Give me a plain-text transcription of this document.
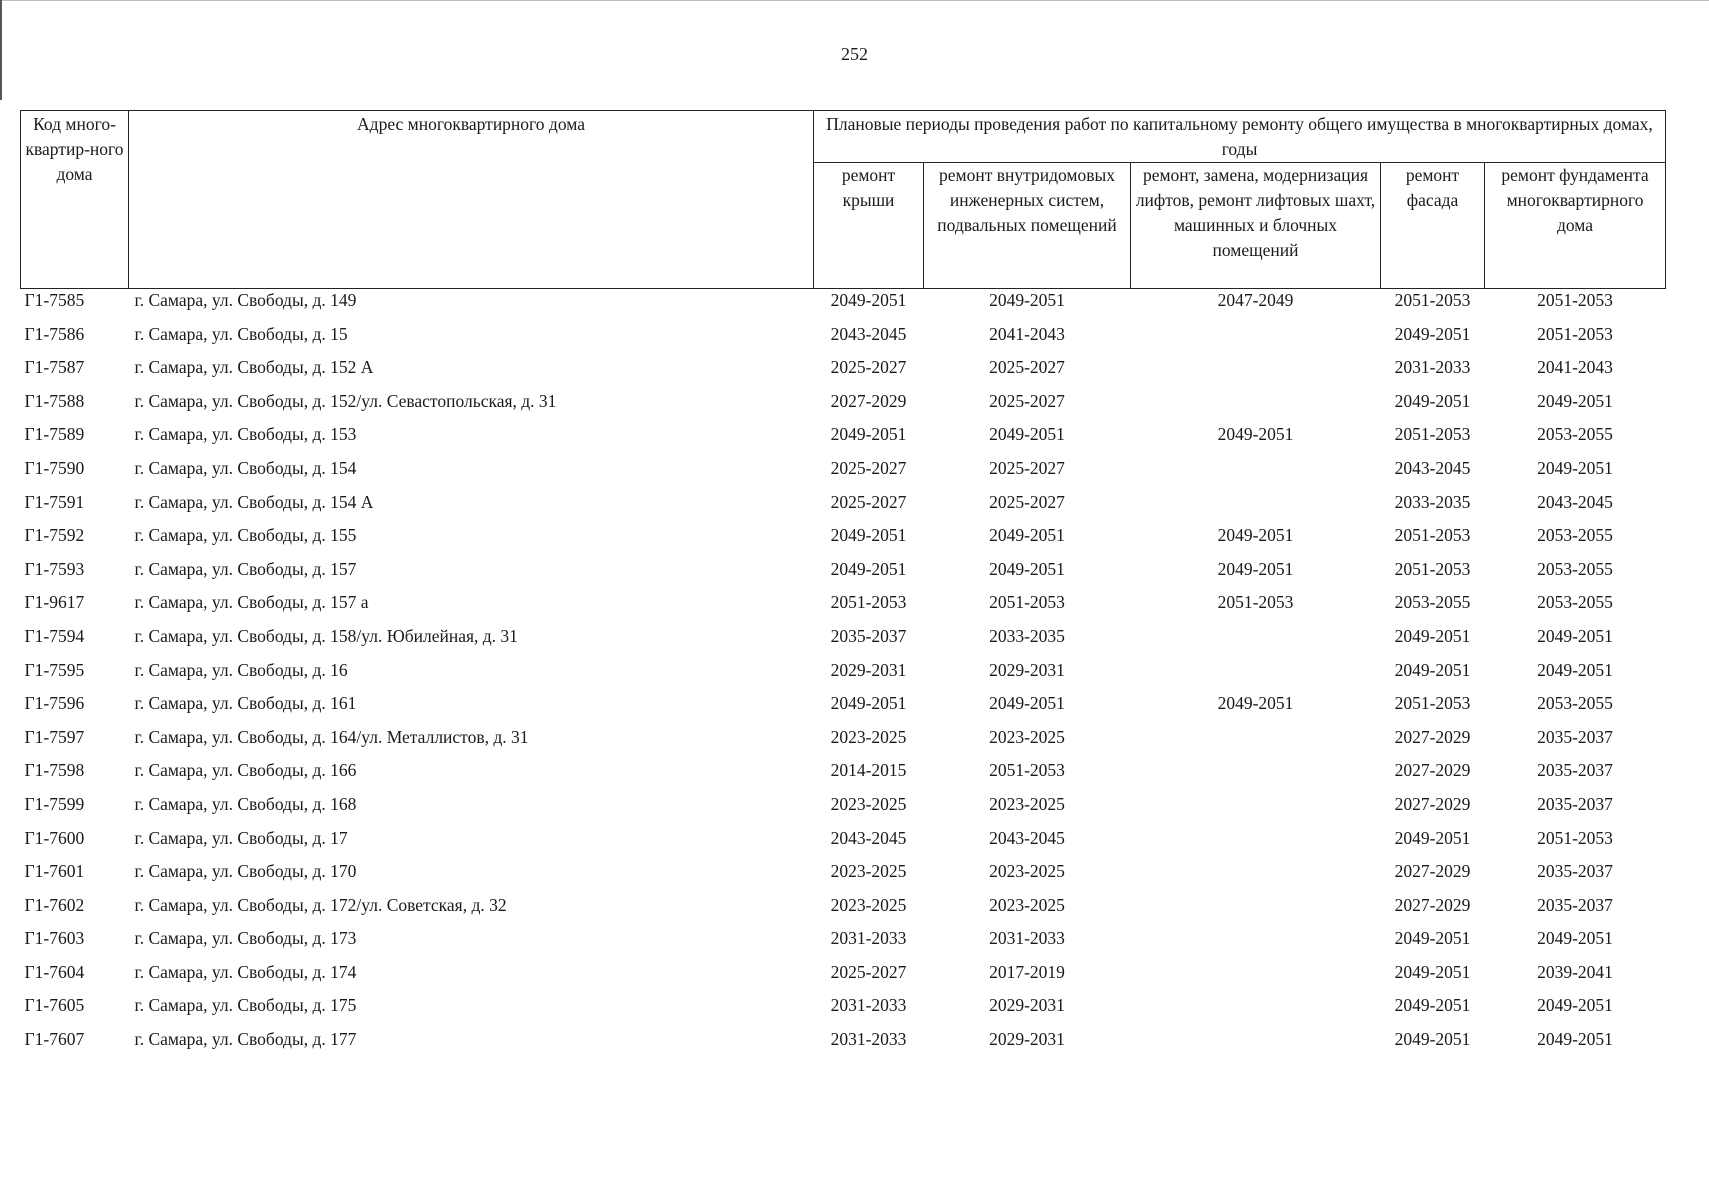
252
Код много-квартир-ного дома	Адрес многоквартирного дома	Плановые периоды проведения работ по капитальному ремонту общего имущества в многоквартирных домах, годы				
		ремонт крыши	ремонт внутридомовых инженерных систем, подвальных помещений	ремонт, замена, модернизация лифтов, ремонт лифтовых шахт, машинных и блочных помещений	ремонт фасада	ремонт фундамента многоквартирного дома
Г1-7585	г. Самара, ул. Свободы, д. 149	2049-2051	2049-2051	2047-2049	2051-2053	2051-2053
Г1-7586	г. Самара, ул. Свободы, д. 15	2043-2045	2041-2043		2049-2051	2051-2053
Г1-7587	г. Самара, ул. Свободы, д. 152 А	2025-2027	2025-2027		2031-2033	2041-2043
Г1-7588	г. Самара, ул. Свободы, д. 152/ул. Севастопольская, д. 31	2027-2029	2025-2027		2049-2051	2049-2051
Г1-7589	г. Самара, ул. Свободы, д. 153	2049-2051	2049-2051	2049-2051	2051-2053	2053-2055
Г1-7590	г. Самара, ул. Свободы, д. 154	2025-2027	2025-2027		2043-2045	2049-2051
Г1-7591	г. Самара, ул. Свободы, д. 154 А	2025-2027	2025-2027		2033-2035	2043-2045
Г1-7592	г. Самара, ул. Свободы, д. 155	2049-2051	2049-2051	2049-2051	2051-2053	2053-2055
Г1-7593	г. Самара, ул. Свободы, д. 157	2049-2051	2049-2051	2049-2051	2051-2053	2053-2055
Г1-9617	г. Самара, ул. Свободы, д. 157 а	2051-2053	2051-2053	2051-2053	2053-2055	2053-2055
Г1-7594	г. Самара, ул. Свободы, д. 158/ул. Юбилейная, д. 31	2035-2037	2033-2035		2049-2051	2049-2051
Г1-7595	г. Самара, ул. Свободы, д. 16	2029-2031	2029-2031		2049-2051	2049-2051
Г1-7596	г. Самара, ул. Свободы, д. 161	2049-2051	2049-2051	2049-2051	2051-2053	2053-2055
Г1-7597	г. Самара, ул. Свободы, д. 164/ул. Металлистов, д. 31	2023-2025	2023-2025		2027-2029	2035-2037
Г1-7598	г. Самара, ул. Свободы, д. 166	2014-2015	2051-2053		2027-2029	2035-2037
Г1-7599	г. Самара, ул. Свободы, д. 168	2023-2025	2023-2025		2027-2029	2035-2037
Г1-7600	г. Самара, ул. Свободы, д. 17	2043-2045	2043-2045		2049-2051	2051-2053
Г1-7601	г. Самара, ул. Свободы, д. 170	2023-2025	2023-2025		2027-2029	2035-2037
Г1-7602	г. Самара, ул. Свободы, д. 172/ул. Советская, д. 32	2023-2025	2023-2025		2027-2029	2035-2037
Г1-7603	г. Самара, ул. Свободы, д. 173	2031-2033	2031-2033		2049-2051	2049-2051
Г1-7604	г. Самара, ул. Свободы, д. 174	2025-2027	2017-2019		2049-2051	2039-2041
Г1-7605	г. Самара, ул. Свободы, д. 175	2031-2033	2029-2031		2049-2051	2049-2051
Г1-7607	г. Самара, ул. Свободы, д. 177	2031-2033	2029-2031		2049-2051	2049-2051
